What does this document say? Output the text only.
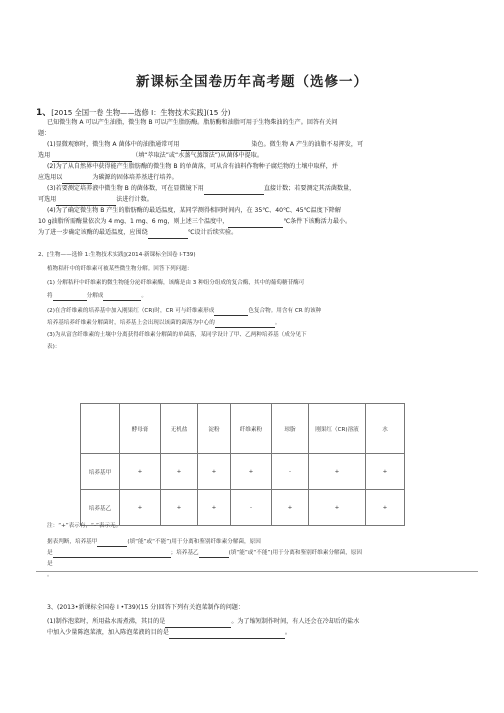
新课标全国卷历年高考题（选修一）
1、[2015 全国一卷 生物——选修 I：生物技术实践](15 分)
已知微生物 A 可以产生油脂，微生物 B 可以产生脂肪酶。脂肪酶和油脂可用于生物柴油的生产。回答有关问
题：
(1)显微观察时，微生物 A 菌体中的油脂通常可用	染色。微生物 A 产生的油脂不易挥发，可
选用	（填“萃取法”或“水蒸气蒸馏法”)从菌体中提取。
(2)为了从自然界中获得能产生脂肪酶的微生物 B 的单菌落，可从含有油料作物种子腐烂物的土壤中取样，并
应选用以	为碳源的固体培养基进行培养。
(3)若要测定培养液中微生物 B 的菌体数，可在显微镜下用	直接计数；若要测定其活菌数量，
可选用	法进行计数。
(4)为了确定微生物 B 产生的脂肪酶的最适温度，某同学测得相同时间内，在 35℃、40℃、45℃温度下降解
10 g油脂所需酶量依次为 4 mg、1 mg、6 mg，则上述三个温度中，	℃条件下该酶活力最小。
为了进一步确定该酶的最适温度，应围绕	℃设计后续实验。
2、[生物——选修 1:生物技术实践](2014·新课标全国卷 I·T39)
植物秸秆中的纤维素可被某些微生物分解。回答下列问题：
(1) 分解秸秆中纤维素的微生物能分泌纤维素酶，该酶是由 3 种组分组成的复合酶，其中的葡萄糖苷酶可
将	分解成	。
(2)在含纤维素的培养基中加入刚果红（CR)时，CR 可与纤维素形成	色复合物。用含有 CR 的该种
培养基培养纤维素分解菌时，培养基上会出现以该菌的菌落为中心的	。
(3)为从富含纤维素的土壤中分离获得纤维素分解菌的单菌落，某同学设计了甲、乙两种培养基（成分见下
表)：
	酵母膏	无机盐	淀粉	纤维素粉	琼脂	刚果红（CR)溶液	水
培养基甲	+	+	+	+	-	+	+
培养基乙	+	+	+	-	+	+	+
注：“+”表示有，“-”表示无。
据表判断，培养基甲	(填“能”或“不能”)用于分离和鉴别纤维素分解菌，原因
是	；培养基乙	(填“能”或“不能”)用于分离和鉴别纤维素分解菌，原因
是
。
3、(2013•新课标全国卷 I •T39)(15 分)回答下列有关泡菜制作的问题：
(1)制作泡菜时，所用盐水需煮沸，其目的是	。为了缩短制作时间，有人还会在冷却后的盐水
中加入少量陈泡菜液，加入陈泡菜液的目的是	。
